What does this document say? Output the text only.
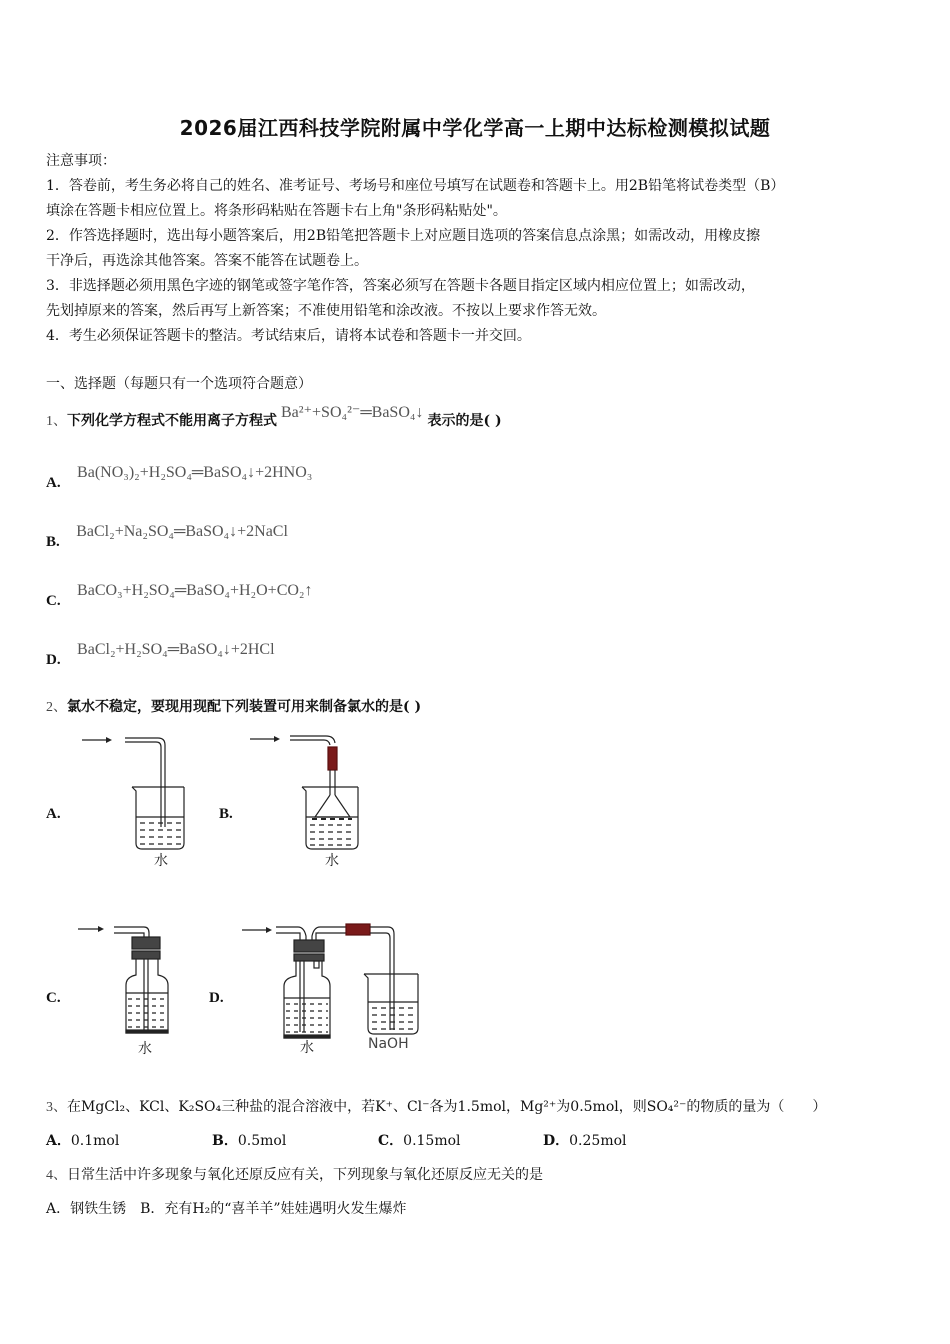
2026届江西科技学院附属中学化学高一上期中达标检测模拟试题
注意事项：
1．答卷前，考生务必将自己的姓名、准考证号、考场号和座位号填写在试题卷和答题卡上。用2B铅笔将试卷类型（B）
填涂在答题卡相应位置上。将条形码粘贴在答题卡右上角"条形码粘贴处"。
2．作答选择题时，选出每小题答案后，用2B铅笔把答题卡上对应题目选项的答案信息点涂黑；如需改动，用橡皮擦
干净后，再选涂其他答案。答案不能答在试题卷上。
3．非选择题必须用黑色字迹的钢笔或签字笔作答，答案必须写在答题卡各题目指定区域内相应位置上；如需改动，
先划掉原来的答案，然后再写上新答案；不准使用铅笔和涂改液。不按以上要求作答无效。
4．考生必须保证答题卡的整洁。考试结束后，请将本试卷和答题卡一并交回。
一、选择题（每题只有一个选项符合题意）
1、下列化学方程式不能用离子方程式 Ba²⁺+SO₄²⁻═BaSO₄↓ 表示的是( )
A. Ba(NO₃)₂+H₂SO₄═BaSO₄↓+2HNO₃
B. BaCl₂+Na₂SO₄═BaSO₄↓+2NaCl
C. BaCO₃+H₂SO₄═BaSO₄+H₂O+CO₂↑
D. BaCl₂+H₂SO₄═BaSO₄↓+2HCl
2、氯水不稳定，要现用现配下列装置可用来制备氯水的是( )
A.	B.
C.	D.
水	水
水	水	NaOH
3、在MgCl₂、KCl、K₂SO₄三种盐的混合溶液中，若K⁺、Cl⁻各为1.5mol，Mg²⁺为0.5mol，则SO₄²⁻的物质的量为（　　）
A．0.1mol	B．0.5mol	C．0.15mol	D．0.25mol
4、日常生活中许多现象与氧化还原反应有关，下列现象与氧化还原反应无关的是
A．钢铁生锈　B．充有H₂的“喜羊羊”娃娃遇明火发生爆炸
